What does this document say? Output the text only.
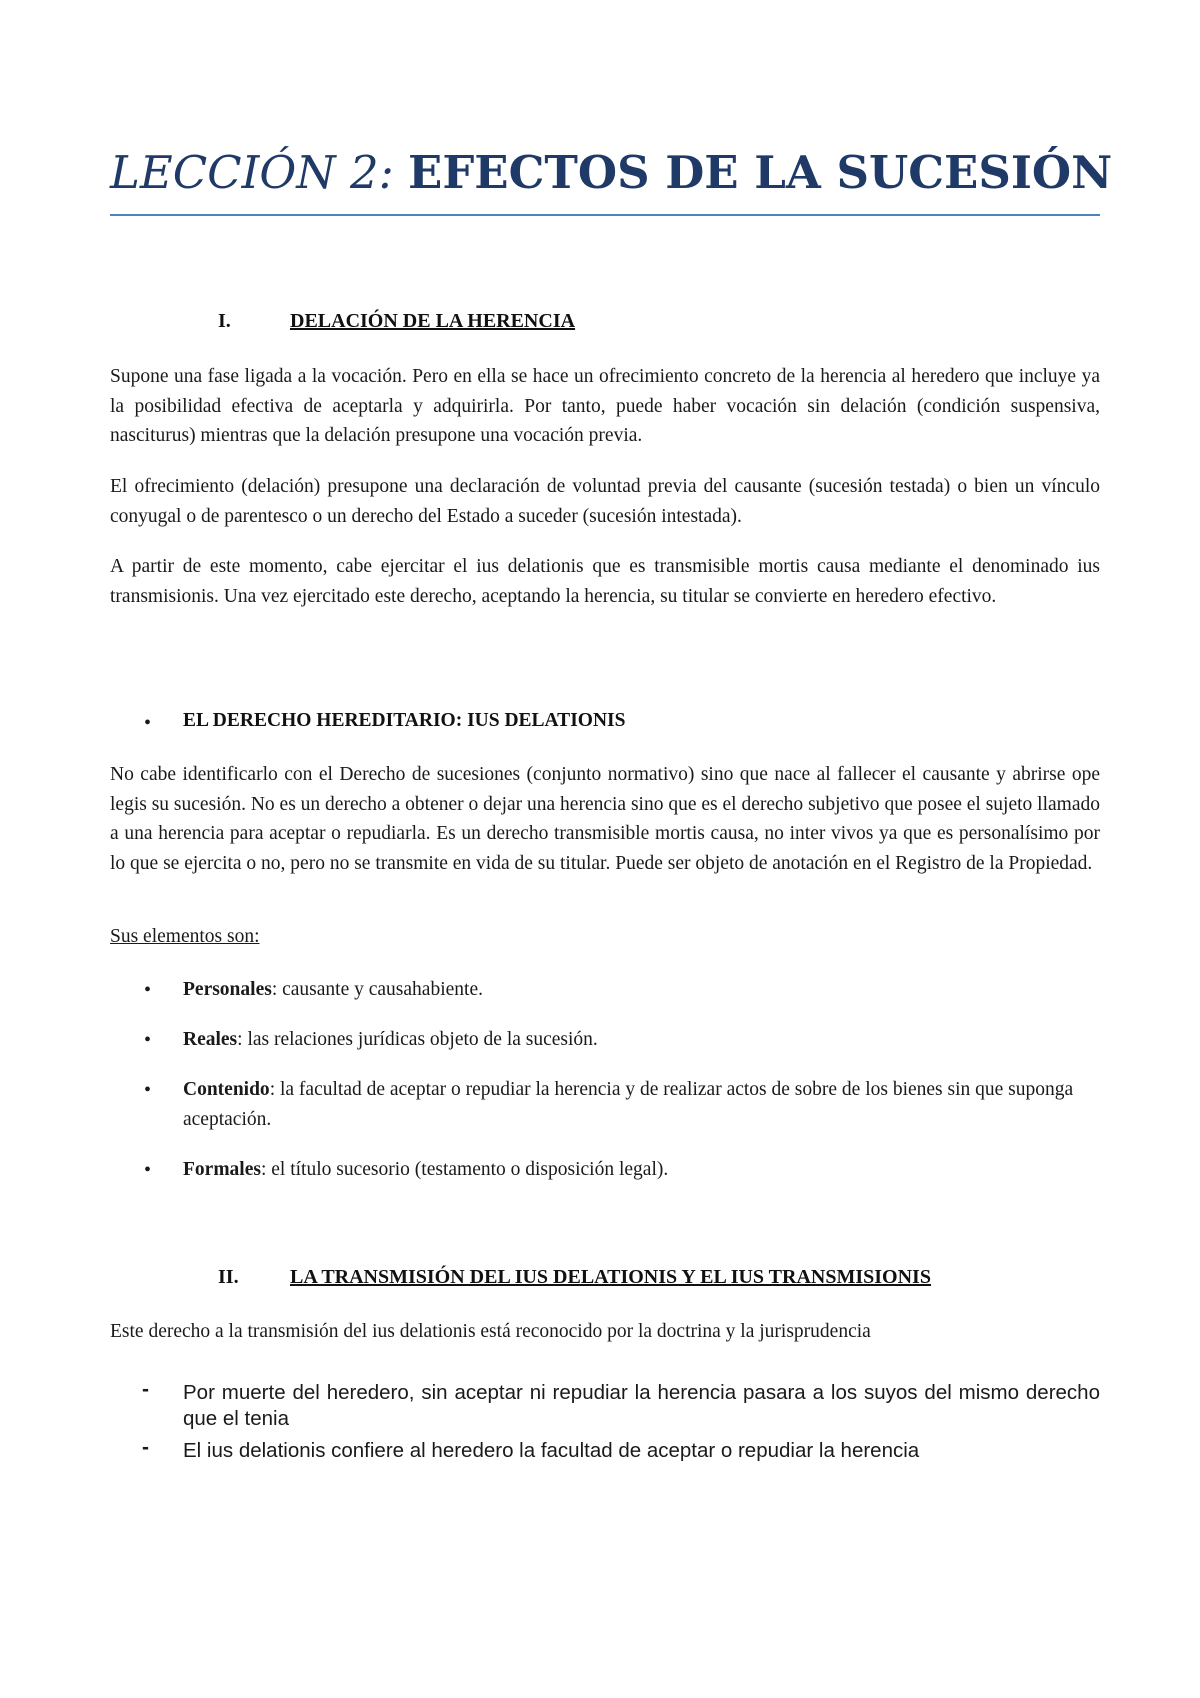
LECCIÓN 2: EFECTOS DE LA SUCESIÓN
I.	DELACIÓN DE LA HERENCIA

Supone una fase ligada a la vocación. Pero en ella se hace un ofrecimiento concreto de la herencia al heredero que incluye ya la posibilidad efectiva de aceptarla y adquirirla. Por tanto, puede haber vocación sin delación (condición suspensiva, nasciturus) mientras que la delación presupone una vocación previa.

El ofrecimiento (delación) presupone una declaración de voluntad previa del causante (sucesión testada) o bien un vínculo conyugal o de parentesco o un derecho del Estado a suceder (sucesión intestada).

A partir de este momento, cabe ejercitar el ius delationis que es transmisible mortis causa mediante el denominado ius transmisionis. Una vez ejercitado este derecho, aceptando la herencia, su titular se convierte en heredero efectivo.

• EL DERECHO HEREDITARIO: IUS DELATIONIS

No cabe identificarlo con el Derecho de sucesiones (conjunto normativo) sino que nace al fallecer el causante y abrirse ope legis su sucesión. No es un derecho a obtener o dejar una herencia sino que es el derecho subjetivo que posee el sujeto llamado a una herencia para aceptar o repudiarla. Es un derecho transmisible mortis causa, no inter vivos ya que es personalísimo por lo que se ejercita o no, pero no se transmite en vida de su titular. Puede ser objeto de anotación en el Registro de la Propiedad.

Sus elementos son:
• Personales: causante y causahabiente.

• Reales: las relaciones jurídicas objeto de la sucesión.

• Contenido: la facultad de aceptar o repudiar la herencia y de realizar actos de sobre de los bienes sin que suponga aceptación.

• Formales: el título sucesorio (testamento o disposición legal).

II.	LA TRANSMISIÓN DEL IUS DELATIONIS Y EL IUS TRANSMISIONIS

Este derecho a la transmisión del ius delationis está reconocido por la doctrina y la jurisprudencia

- Por muerte del heredero, sin aceptar ni repudiar la herencia pasara a los suyos del mismo derecho que el tenia

- El ius delationis confiere al heredero la facultad de aceptar o repudiar la herencia
